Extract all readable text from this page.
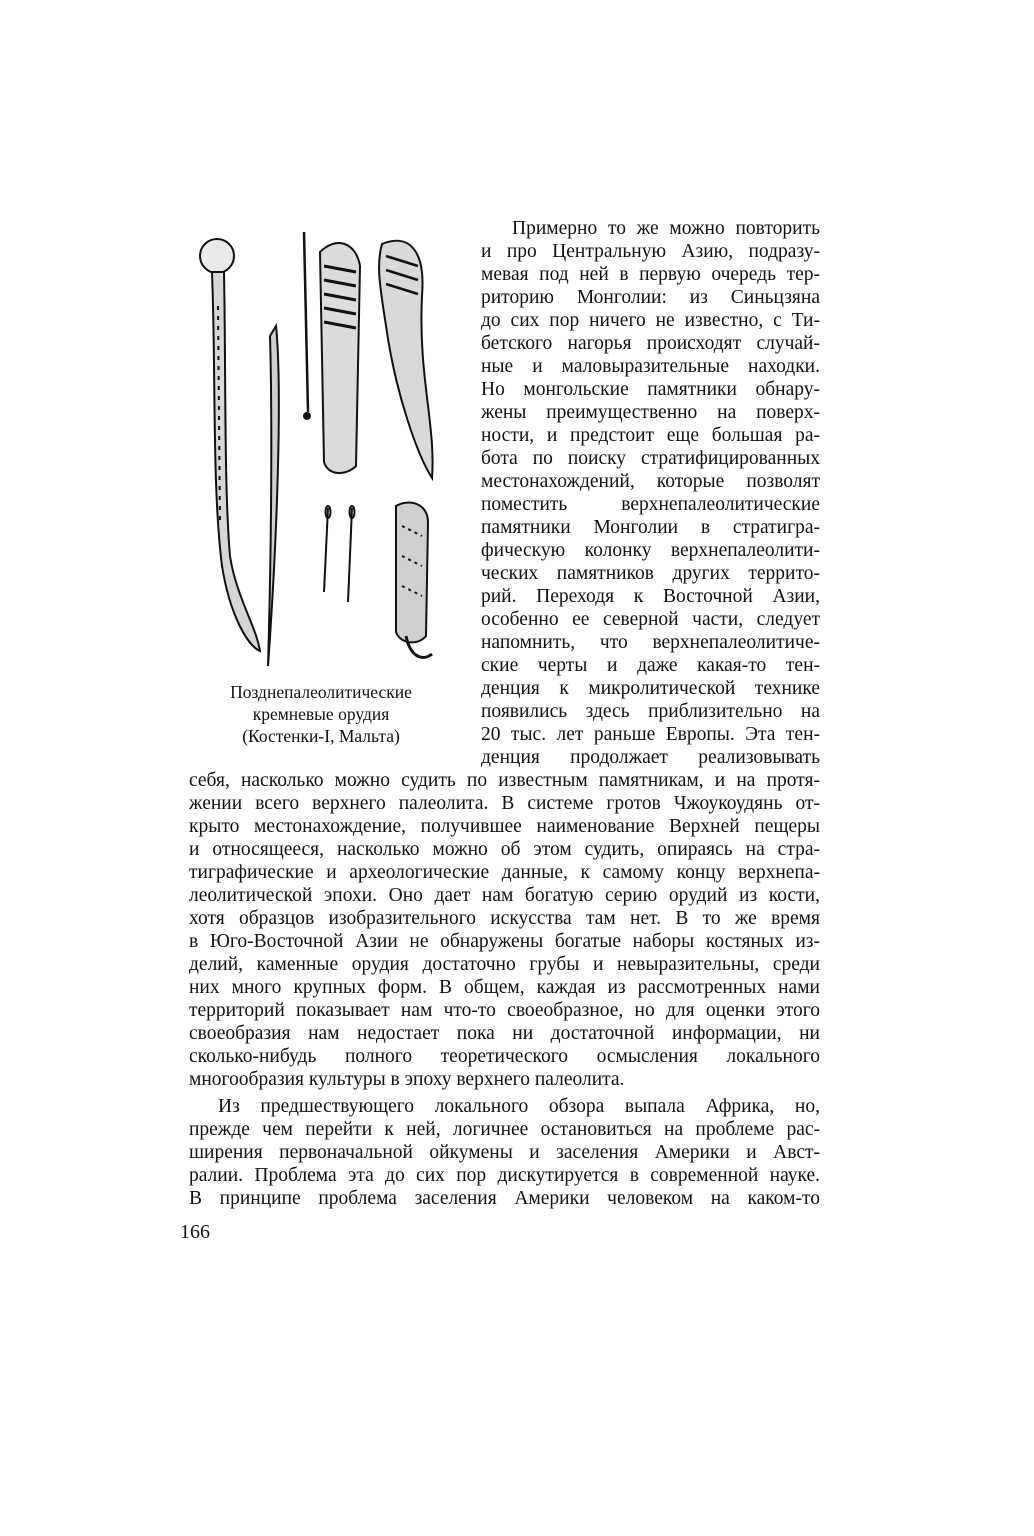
Позднепалеолитические
кремневые орудия
(Костенки-I, Мальта)
Примерно то же можно повторить
и про Центральную Азию, подразу-
мевая под ней в первую очередь тер-
риторию Монголии: из Синьцзяна
до сих пор ничего не известно, с Ти-
бетского нагорья происходят случай-
ные и маловыразительные находки.
Но монгольские памятники обнару-
жены преимущественно на поверх-
ности, и предстоит еще большая ра-
бота по поиску стратифицированных
местонахождений, которые позволят
поместить верхнепалеолитические
памятники Монголии в стратигра-
фическую колонку верхнепалеолити-
ческих памятников других террито-
рий. Переходя к Восточной Азии,
особенно ее северной части, следует
напомнить, что верхнепалеолитиче-
ские черты и даже какая-то тен-
денция к микролитической технике
появились здесь приблизительно на
20 тыс. лет раньше Европы. Эта тен-
денция продолжает реализовывать
себя, насколько можно судить по известным памятникам, и на протя-
жении всего верхнего палеолита. В системе гротов Чжоукоудянь от-
крыто местонахождение, получившее наименование Верхней пещеры
и относящееся, насколько можно об этом судить, опираясь на стра-
тиграфические и археологические данные, к самому концу верхнепа-
леолитической эпохи. Оно дает нам богатую серию орудий из кости,
хотя образцов изобразительного искусства там нет. В то же время
в Юго-Восточной Азии не обнаружены богатые наборы костяных из-
делий, каменные орудия достаточно грубы и невыразительны, среди
них много крупных форм. В общем, каждая из рассмотренных нами
территорий показывает нам что-то своеобразное, но для оценки этого
своеобразия нам недостает пока ни достаточной информации, ни
сколько-нибудь полного теоретического осмысления локального
многообразия культуры в эпоху верхнего палеолита.
Из предшествующего локального обзора выпала Африка, но,
прежде чем перейти к ней, логичнее остановиться на проблеме рас-
ширения первоначальной ойкумены и заселения Америки и Авст-
ралии. Проблема эта до сих пор дискутируется в современной науке.
В принципе проблема заселения Америки человеком на каком-то
166
